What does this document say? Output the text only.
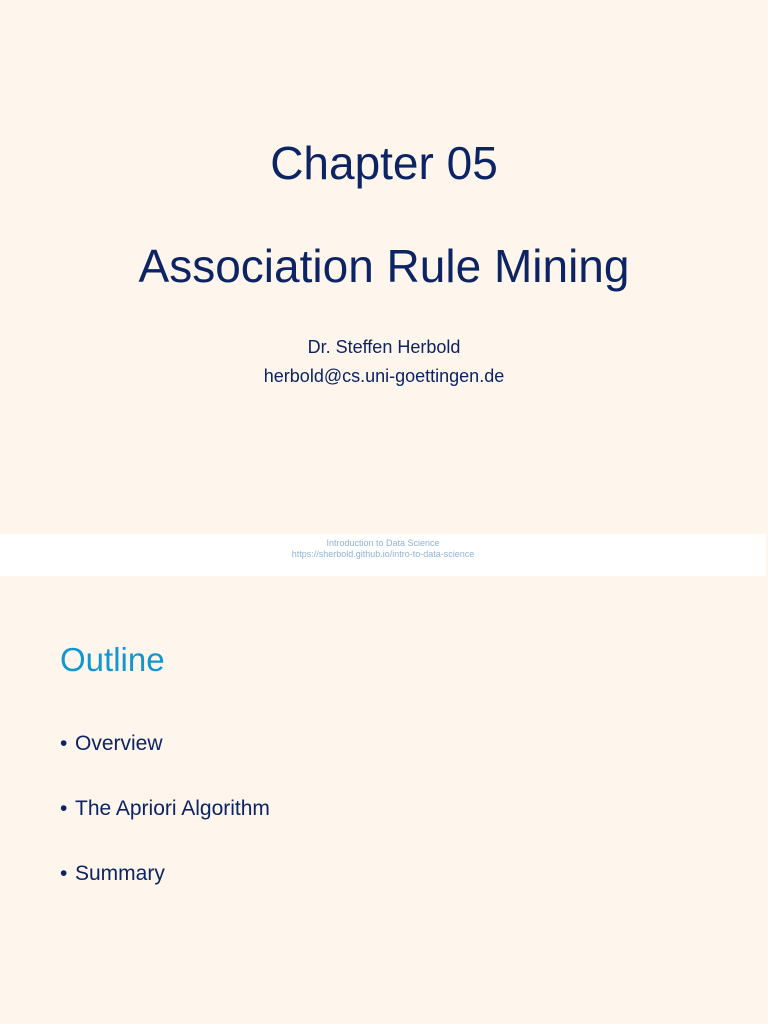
Chapter 05
Association Rule Mining
Dr. Steffen Herbold
herbold@cs.uni-goettingen.de
Introduction to Data Science
https://sherbold.github.io/intro-to-data-science
Outline
• Overview
• The Apriori Algorithm
• Summary
